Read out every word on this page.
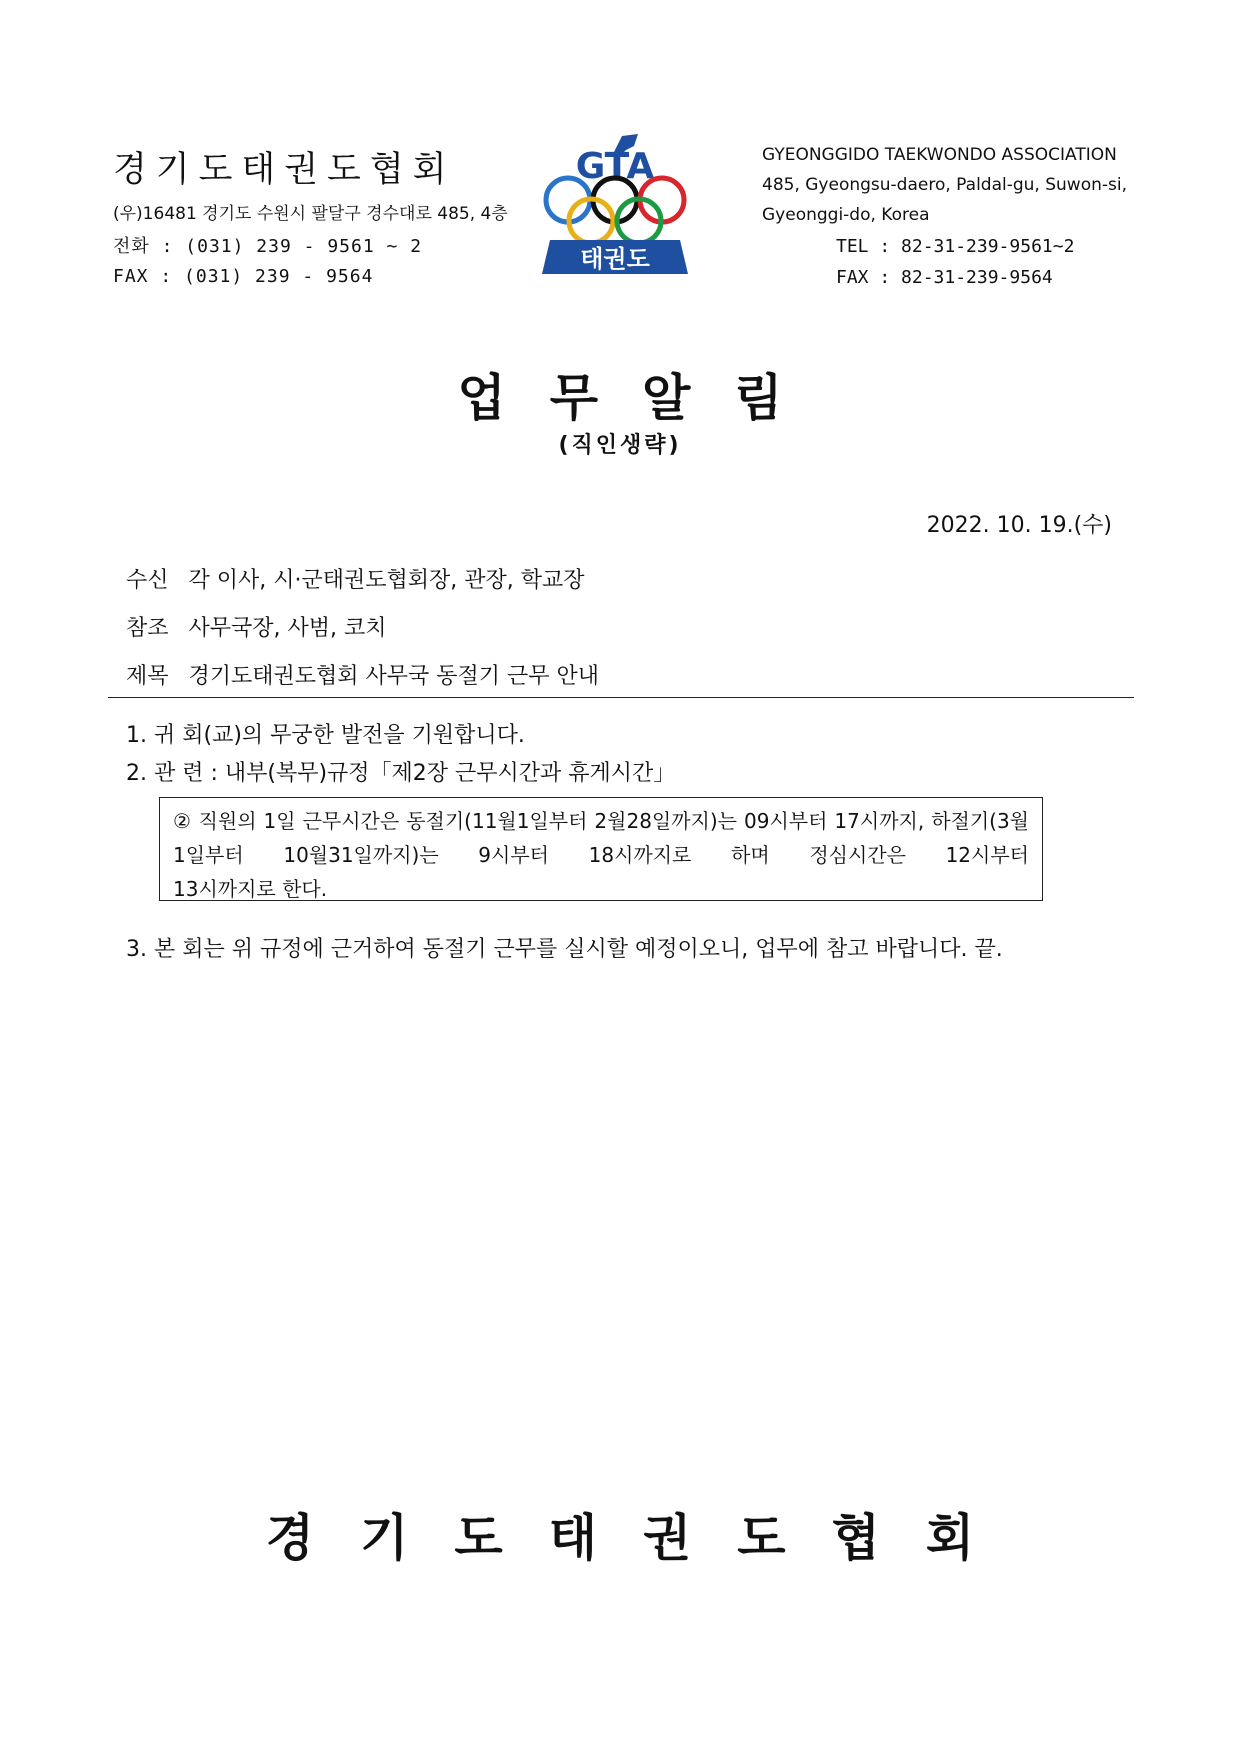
경기도태권도협회
(우)16481 경기도 수원시 팔달구 경수대로 485, 4층
전화 : (031) 239 - 9561 ~ 2
FAX : (031) 239 - 9564
GTA
태권도
GYEONGGIDO TAEKWONDO ASSOCIATION
485, Gyeongsu-daero, Paldal-gu, Suwon-si,
Gyeonggi-do, Korea
TEL : 82-31-239-9561~2
FAX : 82-31-239-9564
업무알림
(직인생략)
2022. 10. 19.(수)
수신 각 이사, 시·군태권도협회장, 관장, 학교장
참조 사무국장, 사범, 코치
제목 경기도태권도협회 사무국 동절기 근무 안내
1. 귀 회(교)의 무궁한 발전을 기원합니다.
2. 관 련 : 내부(복무)규정「제2장 근무시간과 휴게시간」
② 직원의 1일 근무시간은 동절기(11월1일부터 2월28일까지)는 09시부터 17시까지, 하절기(3월1일부터 10월31일까지)는 9시부터 18시까지로 하며 정심시간은 12시부터
13시까지로 한다.
3. 본 회는 위 규정에 근거하여 동절기 근무를 실시할 예정이오니, 업무에 참고 바랍니다. 끝.
경기도태권도협회
